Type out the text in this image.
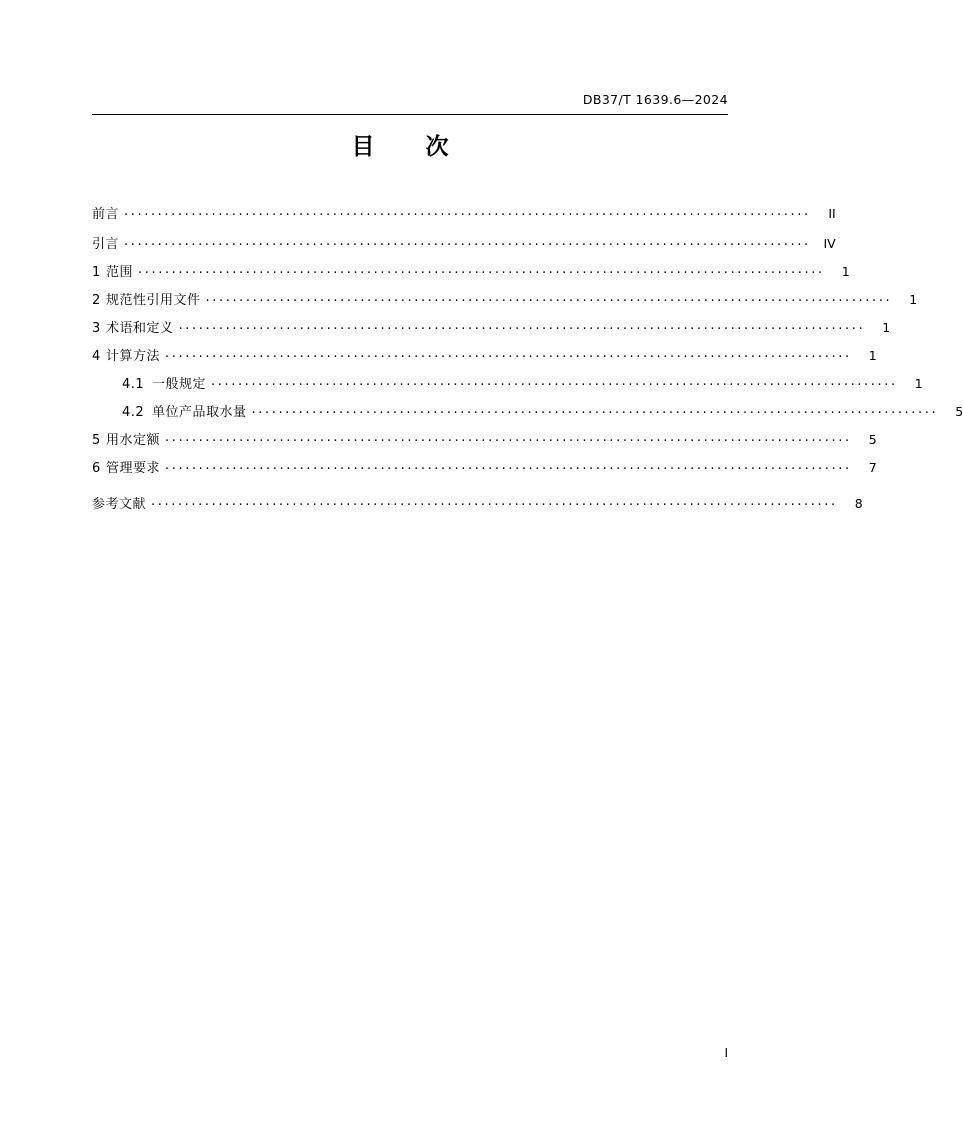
DB37/T 1639.6—2024
目　次
前言 ......................................................................................................	II
引言 ......................................................................................................	IV
1 范围 ......................................................................................................	1
2 规范性引用文件 ......................................................................................................	1
3 术语和定义 ......................................................................................................	1
4 计算方法 ......................................................................................................	1
4.1 一般规定 ......................................................................................................	1
4.2 单位产品取水量 ......................................................................................................	5
5 用水定额 ......................................................................................................	5
6 管理要求 ......................................................................................................	7
参考文献 ......................................................................................................	8
I
